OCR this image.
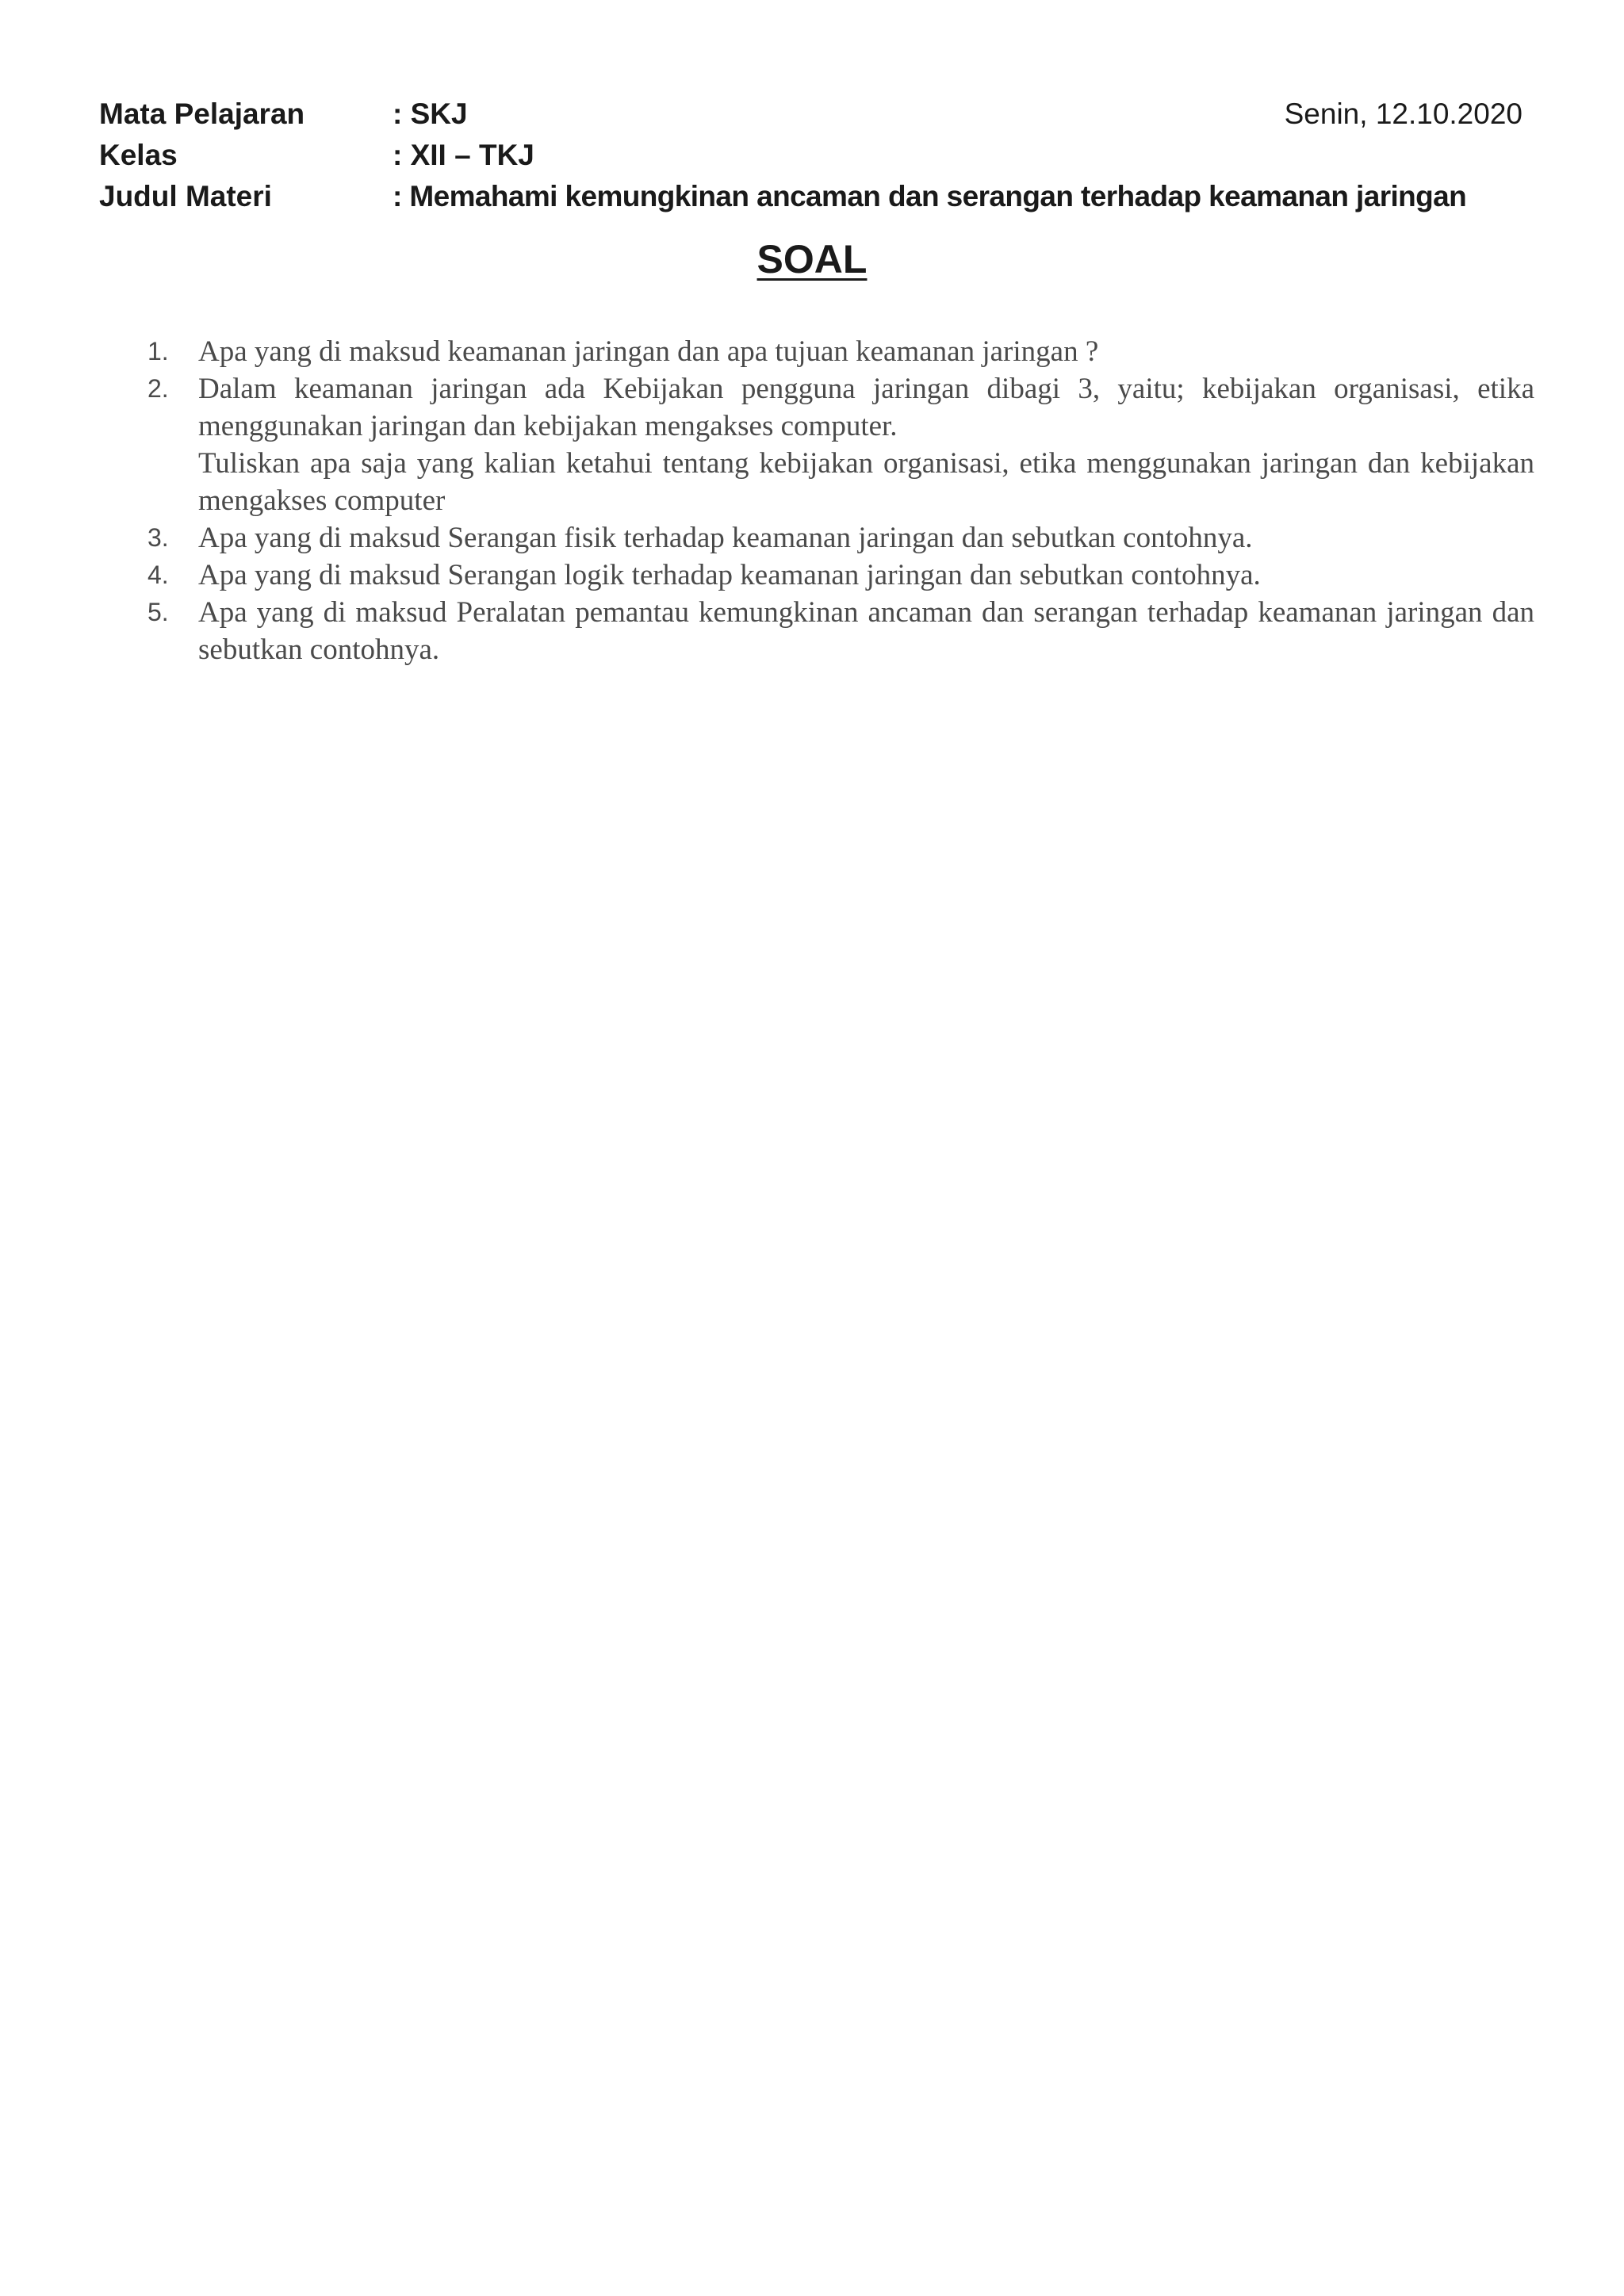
Mata Pelajaran	: SKJ	Senin, 12.10.2020
Kelas	: XII – TKJ
Judul Materi	: Memahami kemungkinan ancaman dan serangan terhadap keamanan jaringan
SOAL
1. Apa yang di maksud keamanan jaringan dan apa tujuan keamanan jaringan ?
2. Dalam keamanan jaringan ada Kebijakan pengguna jaringan dibagi 3, yaitu; kebijakan organisasi, etika menggunakan jaringan dan kebijakan mengakses computer.
Tuliskan apa saja yang kalian ketahui tentang kebijakan organisasi, etika menggunakan jaringan dan kebijakan mengakses computer
3. Apa yang di maksud Serangan fisik terhadap keamanan jaringan dan sebutkan contohnya.
4. Apa yang di maksud Serangan logik terhadap keamanan jaringan dan sebutkan contohnya.
5. Apa yang di maksud Peralatan pemantau kemungkinan ancaman dan serangan terhadap keamanan jaringan dan sebutkan contohnya.
